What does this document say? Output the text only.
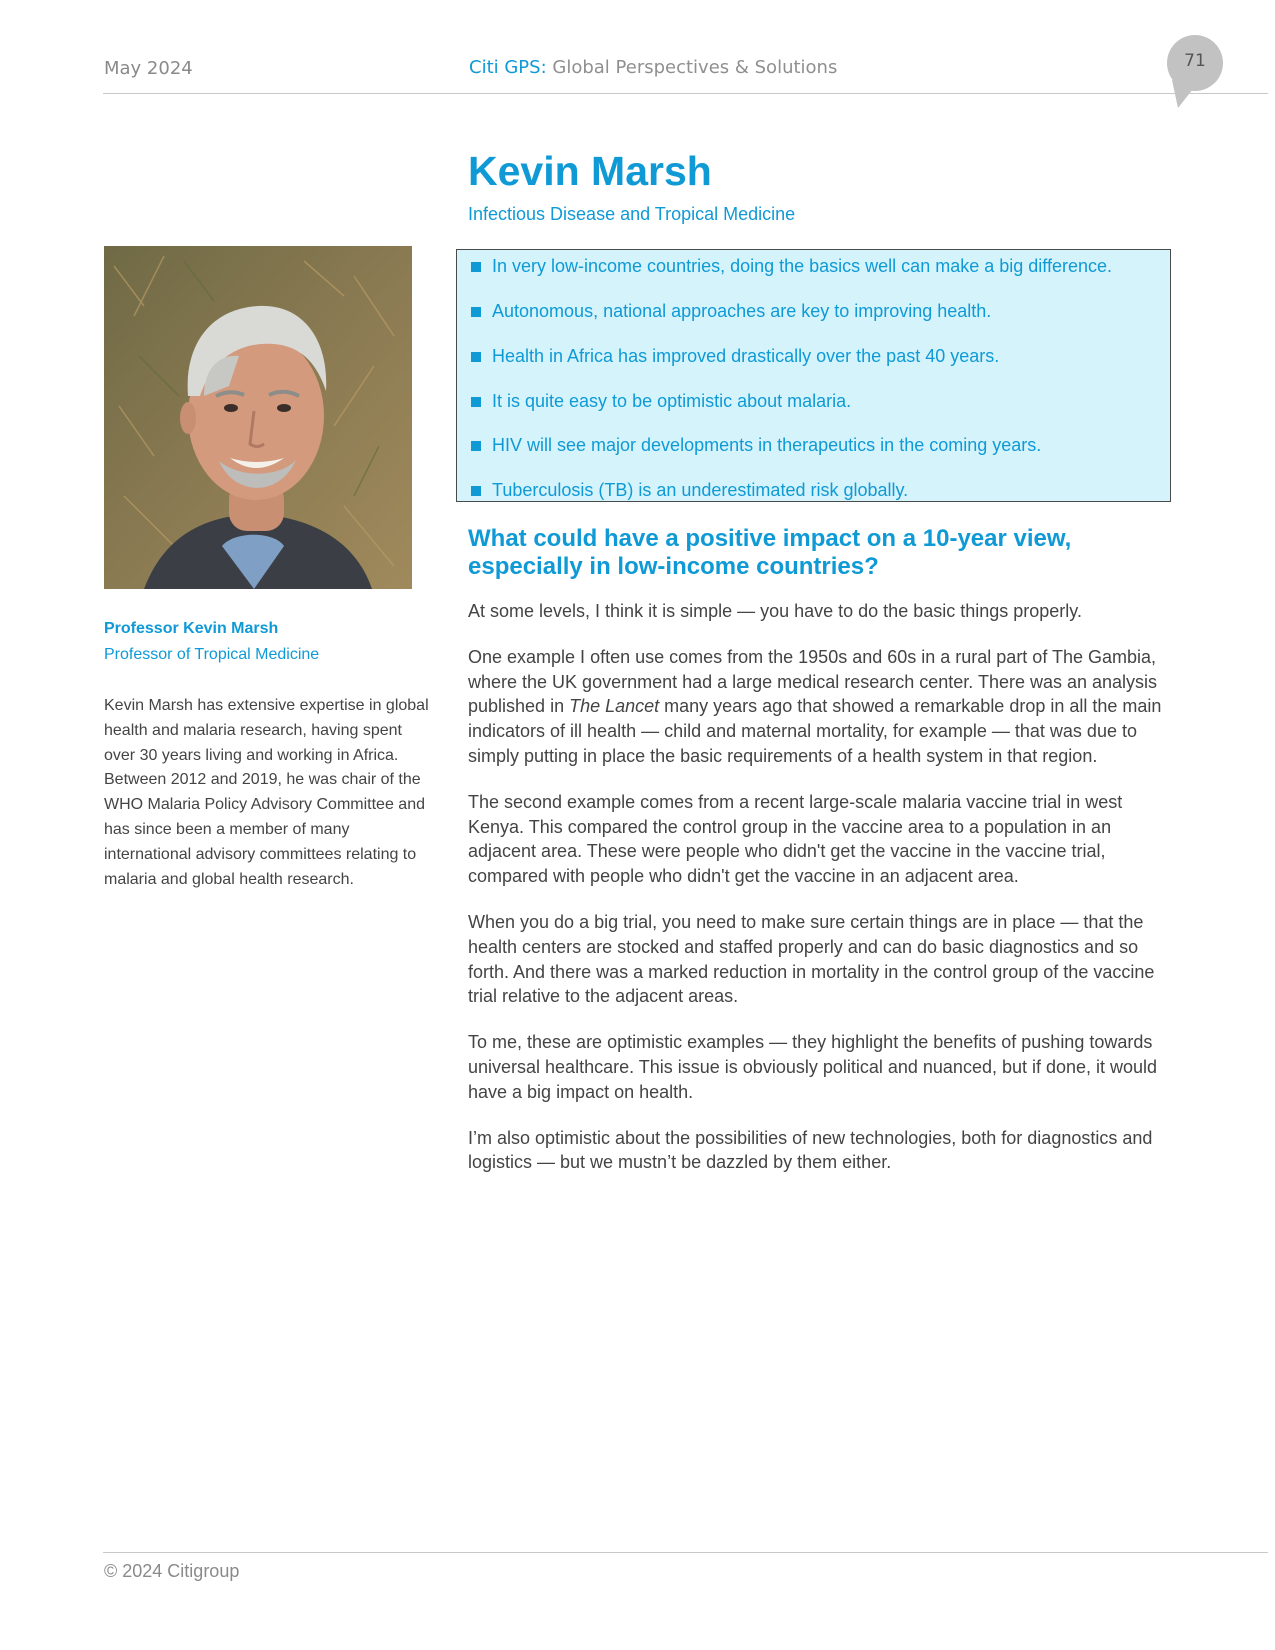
May 2024	Citi GPS: Global Perspectives & Solutions	71
Professor Kevin Marsh
Professor of Tropical Medicine

Kevin Marsh has extensive expertise in global health and malaria research, having spent over 30 years living and working in Africa. Between 2012 and 2019, he was chair of the WHO Malaria Policy Advisory Committee and has since been a member of many international advisory committees relating to malaria and global health research.

Kevin Marsh
Infectious Disease and Tropical Medicine
In very low-income countries, doing the basics well can make a big difference.
Autonomous, national approaches are key to improving health.
Health in Africa has improved drastically over the past 40 years.
It is quite easy to be optimistic about malaria.
HIV will see major developments in therapeutics in the coming years.
Tuberculosis (TB) is an underestimated risk globally.
What could have a positive impact on a 10-year view, especially in low-income countries?

At some levels, I think it is simple — you have to do the basic things properly.

One example I often use comes from the 1950s and 60s in a rural part of The Gambia, where the UK government had a large medical research center. There was an analysis published in The Lancet many years ago that showed a remarkable drop in all the main indicators of ill health — child and maternal mortality, for example — that was due to simply putting in place the basic requirements of a health system in that region.

The second example comes from a recent large-scale malaria vaccine trial in west Kenya. This compared the control group in the vaccine area to a population in an adjacent area. These were people who didn't get the vaccine in the vaccine trial, compared with people who didn't get the vaccine in an adjacent area.

When you do a big trial, you need to make sure certain things are in place — that the health centers are stocked and staffed properly and can do basic diagnostics and so forth. And there was a marked reduction in mortality in the control group of the vaccine trial relative to the adjacent areas.

To me, these are optimistic examples — they highlight the benefits of pushing towards universal healthcare. This issue is obviously political and nuanced, but if done, it would have a big impact on health.

I’m also optimistic about the possibilities of new technologies, both for diagnostics and logistics — but we mustn’t be dazzled by them either.

© 2024 Citigroup
